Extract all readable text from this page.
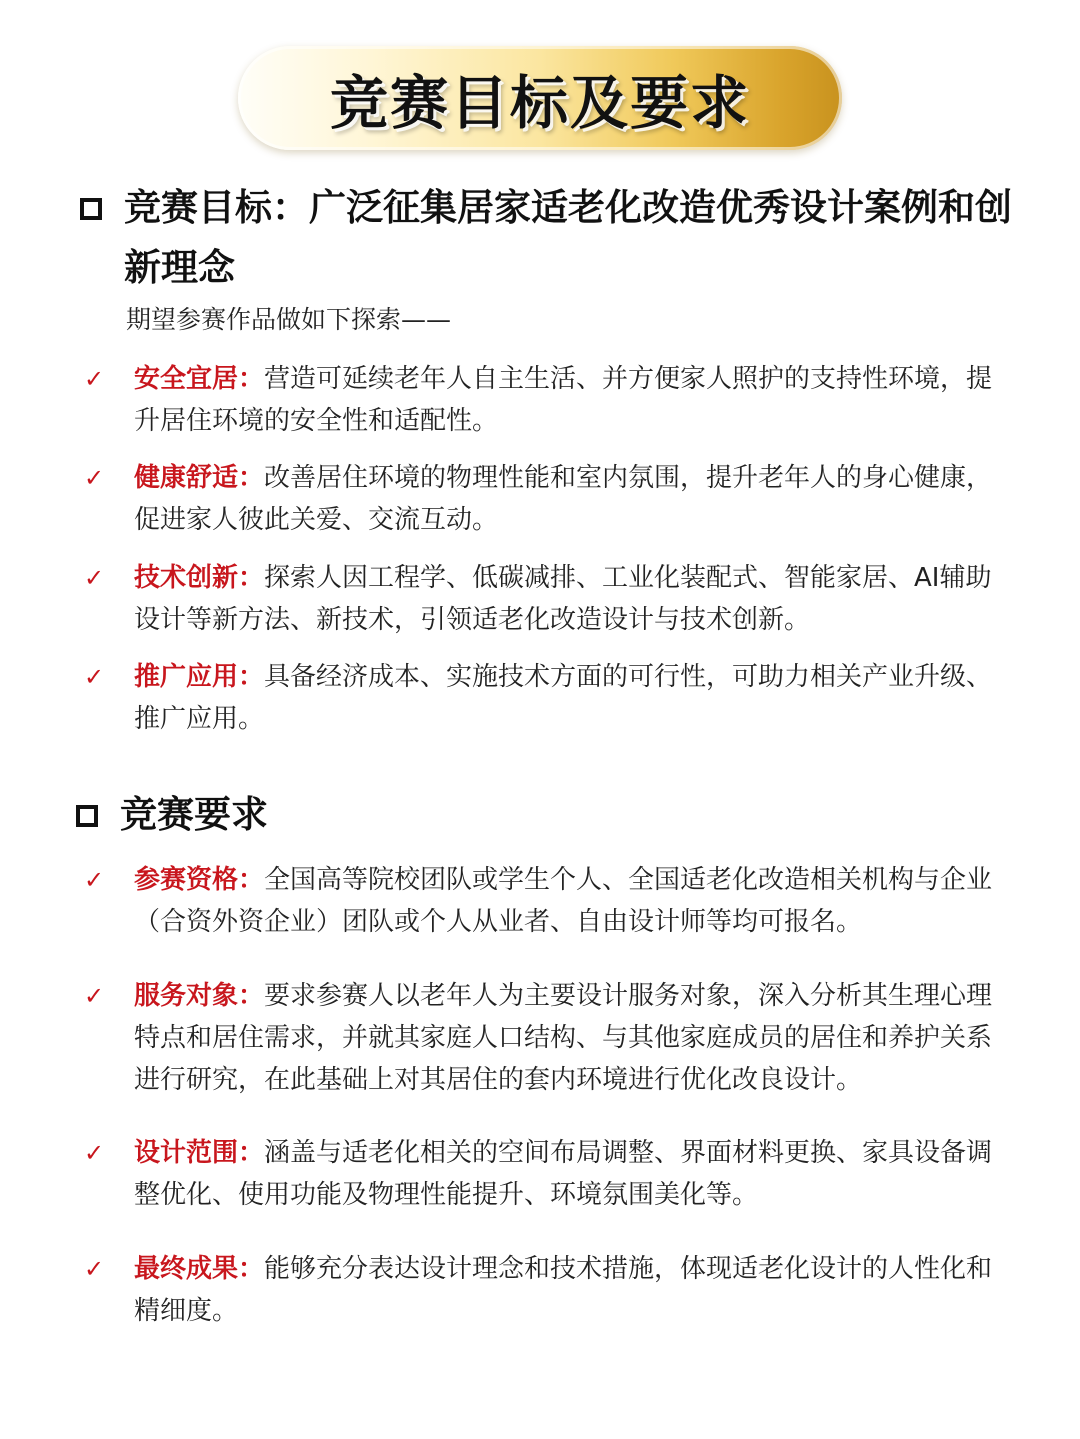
竞赛目标及要求
竞赛目标：广泛征集居家适老化改造优秀设计案例和创新理念
期望参赛作品做如下探索——
✓	安全宜居：营造可延续老年人自主生活、并方便家人照护的支持性环境，提升居住环境的安全性和适配性。
✓	健康舒适：改善居住环境的物理性能和室内氛围，提升老年人的身心健康，促进家人彼此关爱、交流互动。
✓	技术创新：探索人因工程学、低碳减排、工业化装配式、智能家居、AI辅助设计等新方法、新技术，引领适老化改造设计与技术创新。
✓	推广应用：具备经济成本、实施技术方面的可行性，可助力相关产业升级、推广应用。
竞赛要求
✓	参赛资格：全国高等院校团队或学生个人、全国适老化改造相关机构与企业（合资外资企业）团队或个人从业者、自由设计师等均可报名。
✓	服务对象：要求参赛人以老年人为主要设计服务对象，深入分析其生理心理特点和居住需求，并就其家庭人口结构、与其他家庭成员的居住和养护关系进行研究，在此基础上对其居住的套内环境进行优化改良设计。
✓	设计范围：涵盖与适老化相关的空间布局调整、界面材料更换、家具设备调整优化、使用功能及物理性能提升、环境氛围美化等。
✓	最终成果：能够充分表达设计理念和技术措施，体现适老化设计的人性化和精细度。
